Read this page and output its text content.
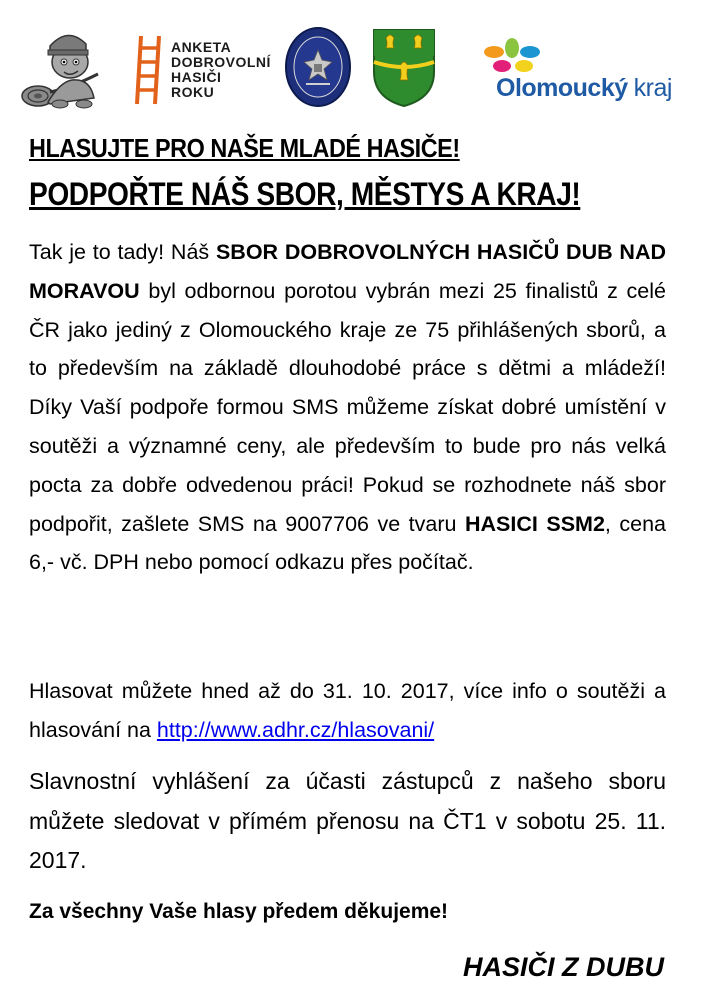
ANKETA
DOBROVOLNÍ
HASIČI
ROKU	Olomoucký kraj
HLASUJTE PRO NAŠE MLADÉ HASIČE!
PODPOŘTE NÁŠ SBOR, MĚSTYS A KRAJ!
Tak je to tady! Náš SBOR DOBROVOLNÝCH HASIČŮ DUB NAD MORAVOU byl odbornou porotou vybrán mezi 25 finalistů z celé ČR jako jediný z Olomouckého kraje ze 75 přihlášených sborů, a to především na základě dlouhodobé práce s dětmi a mládeží! Díky Vaší podpoře formou SMS můžeme získat dobré umístění v soutěži a významné ceny, ale především to bude pro nás velká pocta za dobře odvedenou práci! Pokud se rozhodnete náš sbor podpořit, zašlete SMS na 9007706 ve tvaru HASICI SSM2, cena 6,- vč. DPH nebo pomocí odkazu přes počítač.
Hlasovat můžete hned až do 31. 10. 2017, více info o soutěži a hlasování na http://www.adhr.cz/hlasovani/
Slavnostní vyhlášení za účasti zástupců z našeho sboru můžete sledovat v přímém přenosu na ČT1 v sobotu 25. 11. 2017.
Za všechny Vaše hlasy předem děkujeme!
HASIČI Z DUBU
